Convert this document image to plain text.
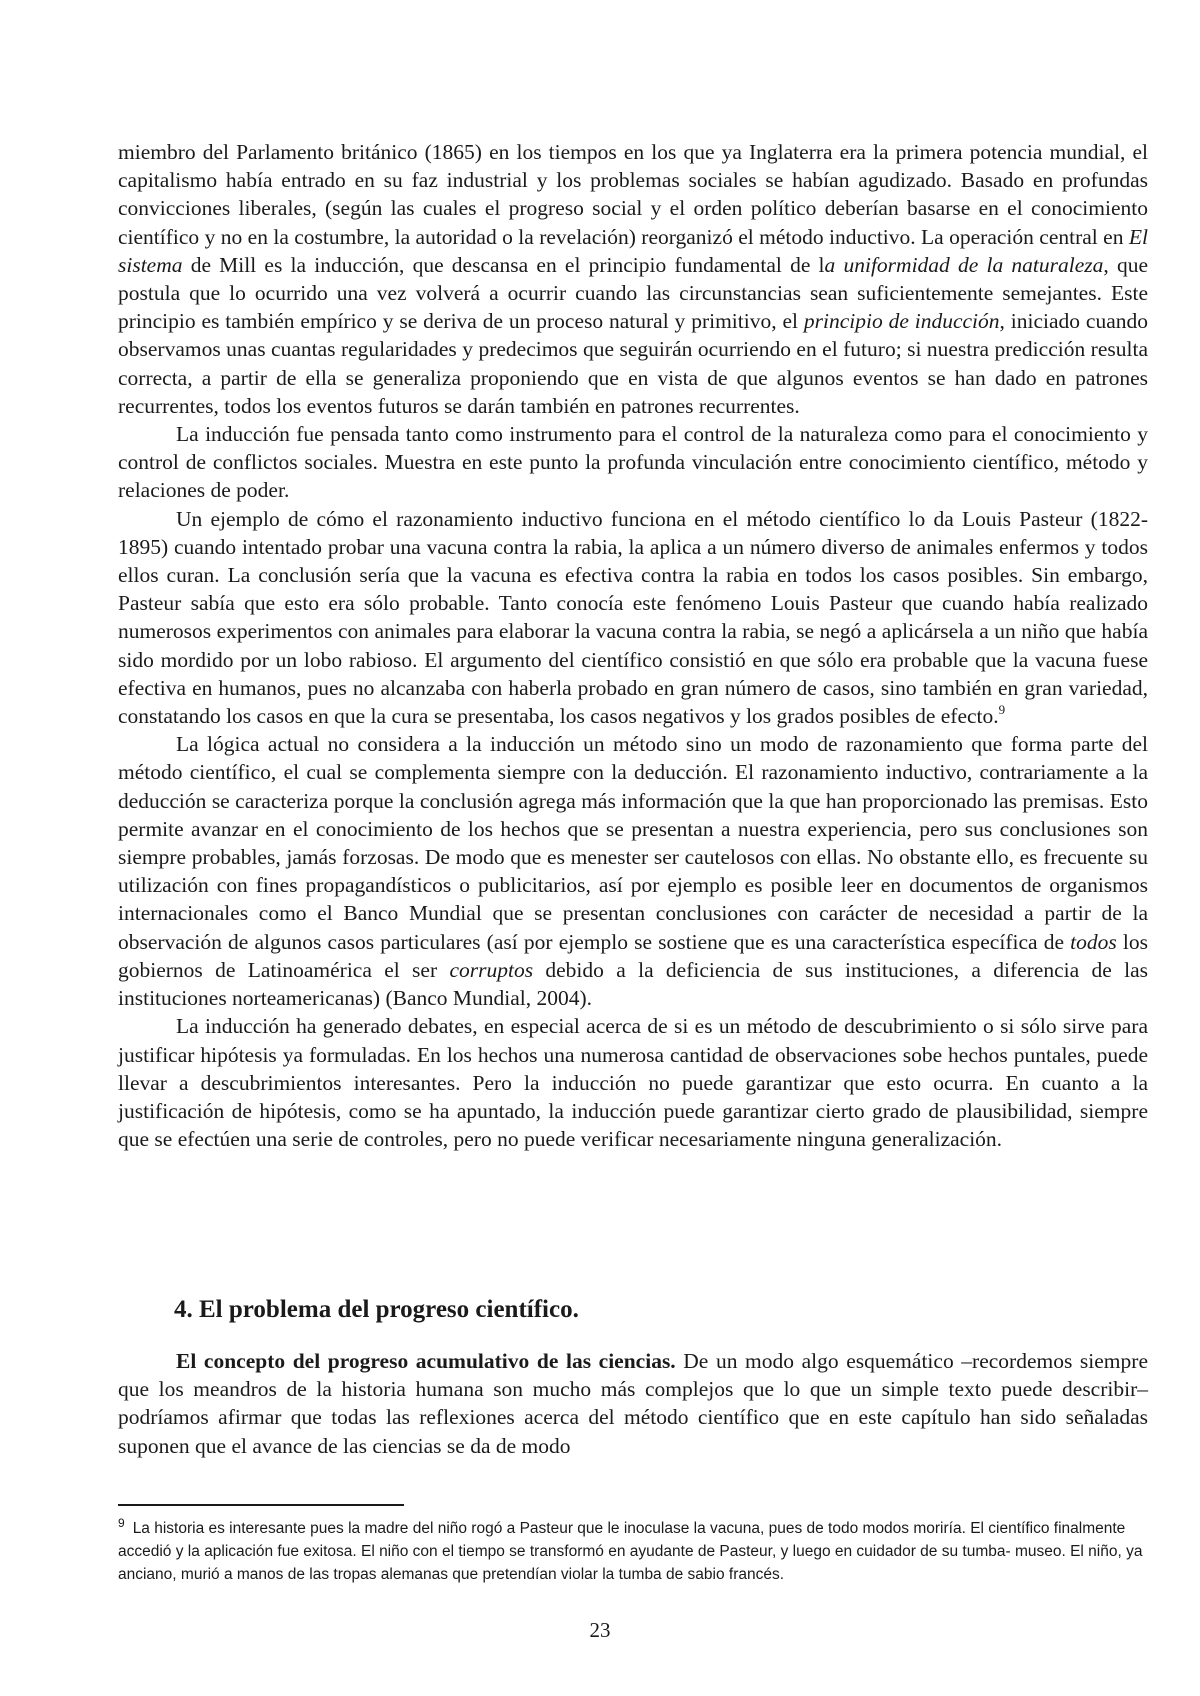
miembro del Parlamento británico (1865) en los tiempos en los que ya Inglaterra era la primera potencia mundial, el capitalismo había entrado en su faz industrial y los problemas sociales se habían agudizado. Basado en profundas convicciones liberales, (según las cuales el progreso social y el orden político deberían basarse en el conocimiento científico y no en la costumbre, la autoridad o la revelación) reorganizó el método inductivo. La operación central en El sistema de Mill es la inducción, que descansa en el principio fundamental de la uniformidad de la naturaleza, que postula que lo ocurrido una vez volverá a ocurrir cuando las circunstancias sean suficientemente semejantes. Este principio es también empírico y se deriva de un proceso natural y primitivo, el principio de inducción, iniciado cuando observamos unas cuantas regularidades y predecimos que seguirán ocurriendo en el futuro; si nuestra predicción resulta correcta, a partir de ella se generaliza proponiendo que en vista de que algunos eventos se han dado en patrones recurrentes, todos los eventos futuros se darán también en patrones recurrentes.

La inducción fue pensada tanto como instrumento para el control de la naturaleza como para el conocimiento y control de conflictos sociales. Muestra en este punto la profunda vinculación entre conocimiento científico, método y relaciones de poder.

Un ejemplo de cómo el razonamiento inductivo funciona en el método científico lo da Louis Pasteur (1822- 1895) cuando intentado probar una vacuna contra la rabia, la aplica a un número diverso de animales enfermos y todos ellos curan. La conclusión sería que la vacuna es efectiva contra la rabia en todos los casos posibles. Sin embargo, Pasteur sabía que esto era sólo probable. Tanto conocía este fenómeno Louis Pasteur que cuando había realizado numerosos experimentos con animales para elaborar la vacuna contra la rabia, se negó a aplicársela a un niño que había sido mordido por un lobo rabioso. El argumento del científico consistió en que sólo era probable que la vacuna fuese efectiva en humanos, pues no alcanzaba con haberla probado en gran número de casos, sino también en gran variedad, constatando los casos en que la cura se presentaba, los casos negativos y los grados posibles de efecto.$^9$

La lógica actual no considera a la inducción un método sino un modo de razonamiento que forma parte del método científico, el cual se complementa siempre con la deducción. El razonamiento inductivo, contrariamente a la deducción se caracteriza porque la conclusión agrega más información que la que han proporcionado las premisas. Esto permite avanzar en el conocimiento de los hechos que se presentan a nuestra experiencia, pero sus conclusiones son siempre probables, jamás forzosas. De modo que es menester ser cautelosos con ellas. No obstante ello, es frecuente su utilización con fines propagandísticos o publicitarios, así por ejemplo es posible leer en documentos de organismos internacionales como el Banco Mundial que se presentan conclusiones con carácter de necesidad a partir de la observación de algunos casos particulares (así por ejemplo se sostiene que es una característica específica de todos los gobiernos de Latinoamérica el ser corruptos debido a la deficiencia de sus instituciones, a diferencia de las instituciones norteamericanas) (Banco Mundial, 2004).

La inducción ha generado debates, en especial acerca de si es un método de descubrimiento o si sólo sirve para justificar hipótesis ya formuladas. En los hechos una numerosa cantidad de observaciones sobe hechos puntales, puede llevar a descubrimientos interesantes. Pero la inducción no puede garantizar que esto ocurra. En cuanto a la justificación de hipótesis, como se ha apuntado, la inducción puede garantizar cierto grado de plausibilidad, siempre que se efectúen una serie de controles, pero no puede verificar necesariamente ninguna generalización.

4. El problema del progreso científico.

El concepto del progreso acumulativo de las ciencias. De un modo algo esquemático –recordemos siempre que los meandros de la historia humana son mucho más complejos que lo que un simple texto puede describir– podríamos afirmar que todas las reflexiones acerca del método científico que en este capítulo han sido señaladas suponen que el avance de las ciencias se da de modo

$^9$ La historia es interesante pues la madre del niño rogó a Pasteur que le inoculase la vacuna, pues de todo modos moriría. El científico finalmente accedió y la aplicación fue exitosa. El niño con el tiempo se transformó en ayudante de Pasteur, y luego en cuidador de su tumba- museo. El niño, ya anciano, murió a manos de las tropas alemanas que pretendían violar la tumba de sabio francés.

23
